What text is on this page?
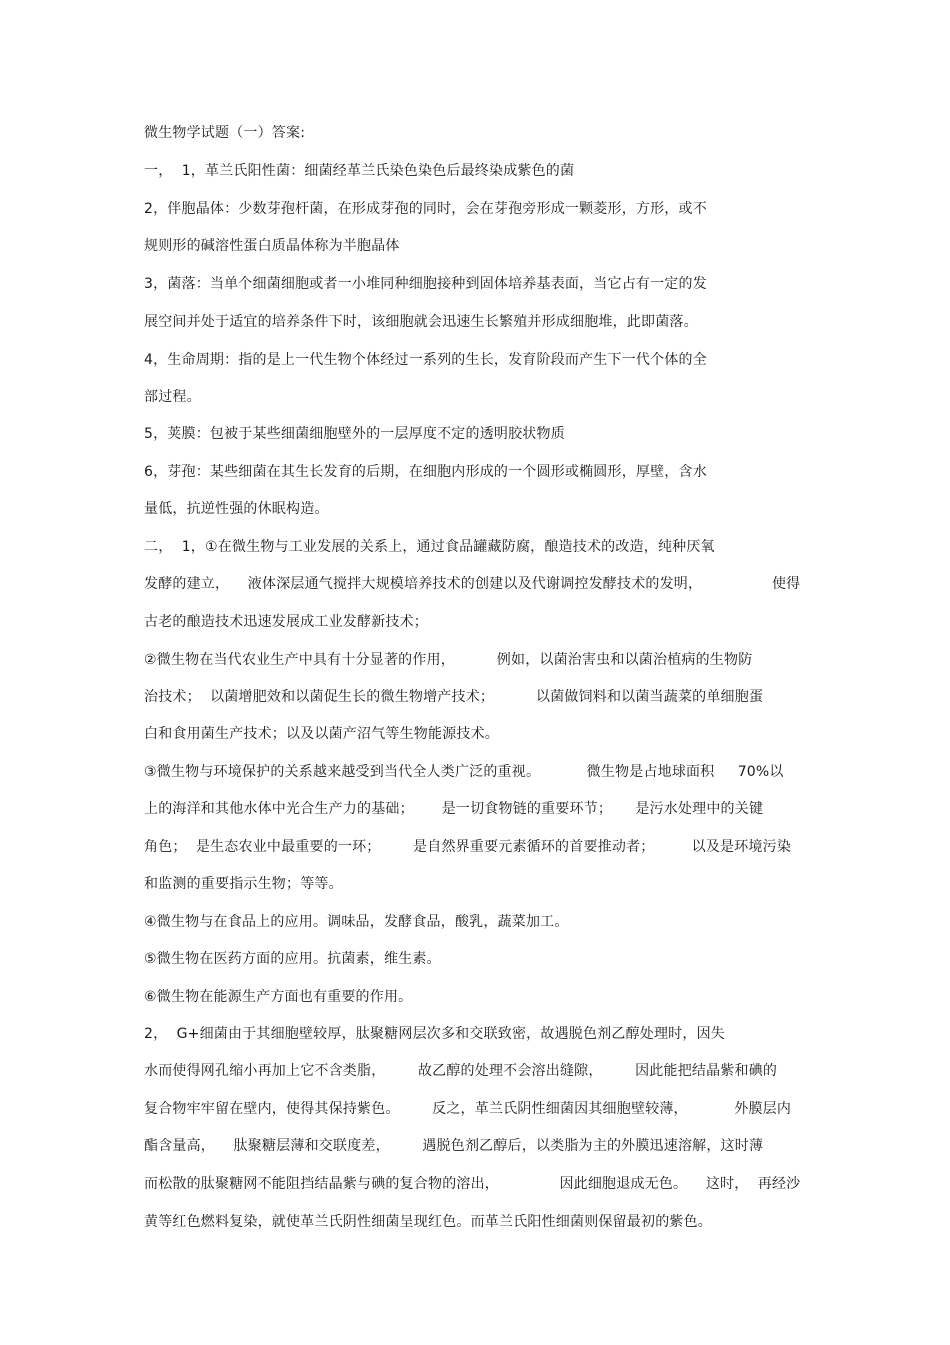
微生物学试题（一）答案:
一，  1，革兰氏阳性菌：细菌经革兰氏染色染色后最终染成紫色的菌
2，伴胞晶体：少数芽孢杆菌，在形成芽孢的同时，会在芽孢旁形成一颗菱形，方形，或不
规则形的碱溶性蛋白质晶体称为半胞晶体
3，菌落：当单个细菌细胞或者一小堆同种细胞接种到固体培养基表面，当它占有一定的发
展空间并处于适宜的培养条件下时，该细胞就会迅速生长繁殖并形成细胞堆，此即菌落。
4，生命周期：指的是上一代生物个体经过一系列的生长，发育阶段而产生下一代个体的全
部过程。
5，荚膜：包被于某些细菌细胞壁外的一层厚度不定的透明胶状物质
6，芽孢：某些细菌在其生长发育的后期，在细胞内形成的一个圆形或椭圆形，厚壁，含水
量低，抗逆性强的休眠构造。
二，  1，①在微生物与工业发展的关系上，通过食品罐藏防腐，酿造技术的改造，纯种厌氧
发酵的建立，    液体深层通气搅拌大规模培养技术的创建以及代谢调控发酵技术的发明，               使得
古老的酿造技术迅速发展成工业发酵新技术；
②微生物在当代农业生产中具有十分显著的作用，         例如，以菌治害虫和以菌治植病的生物防
治技术；  以菌增肥效和以菌促生长的微生物增产技术；         以菌做饲料和以菌当蔬菜的单细胞蛋
白和食用菌生产技术；以及以菌产沼气等生物能源技术。
③微生物与环境保护的关系越来越受到当代全人类广泛的重视。          微生物是占地球面积     70%以
上的海洋和其他水体中光合生产力的基础；      是一切食物链的重要环节；     是污水处理中的关键
角色；  是生态农业中最重要的一环；       是自然界重要元素循环的首要推动者；        以及是环境污染
和监测的重要指示生物；等等。
④微生物与在食品上的应用。调味品，发酵食品，酸乳，蔬菜加工。
⑤微生物在医药方面的应用。抗菌素，维生素。
⑥微生物在能源生产方面也有重要的作用。
2，  G+细菌由于其细胞壁较厚，肽聚糖网层次多和交联致密，故遇脱色剂乙醇处理时，因失
水而使得网孔缩小再加上它不含类脂，       故乙醇的处理不会溶出缝隙，       因此能把结晶紫和碘的
复合物牢牢留在壁内，使得其保持紫色。       反之，革兰氏阴性细菌因其细胞壁较薄，          外膜层内
酯含量高，    肽聚糖层薄和交联度差，       遇脱色剂乙醇后，以类脂为主的外膜迅速溶解，这时薄
而松散的肽聚糖网不能阻挡结晶紫与碘的复合物的溶出，             因此细胞退成无色。    这时，  再经沙
黄等红色燃料复染，就使革兰氏阴性细菌呈现红色。而革兰氏阳性细菌则保留最初的紫色。
